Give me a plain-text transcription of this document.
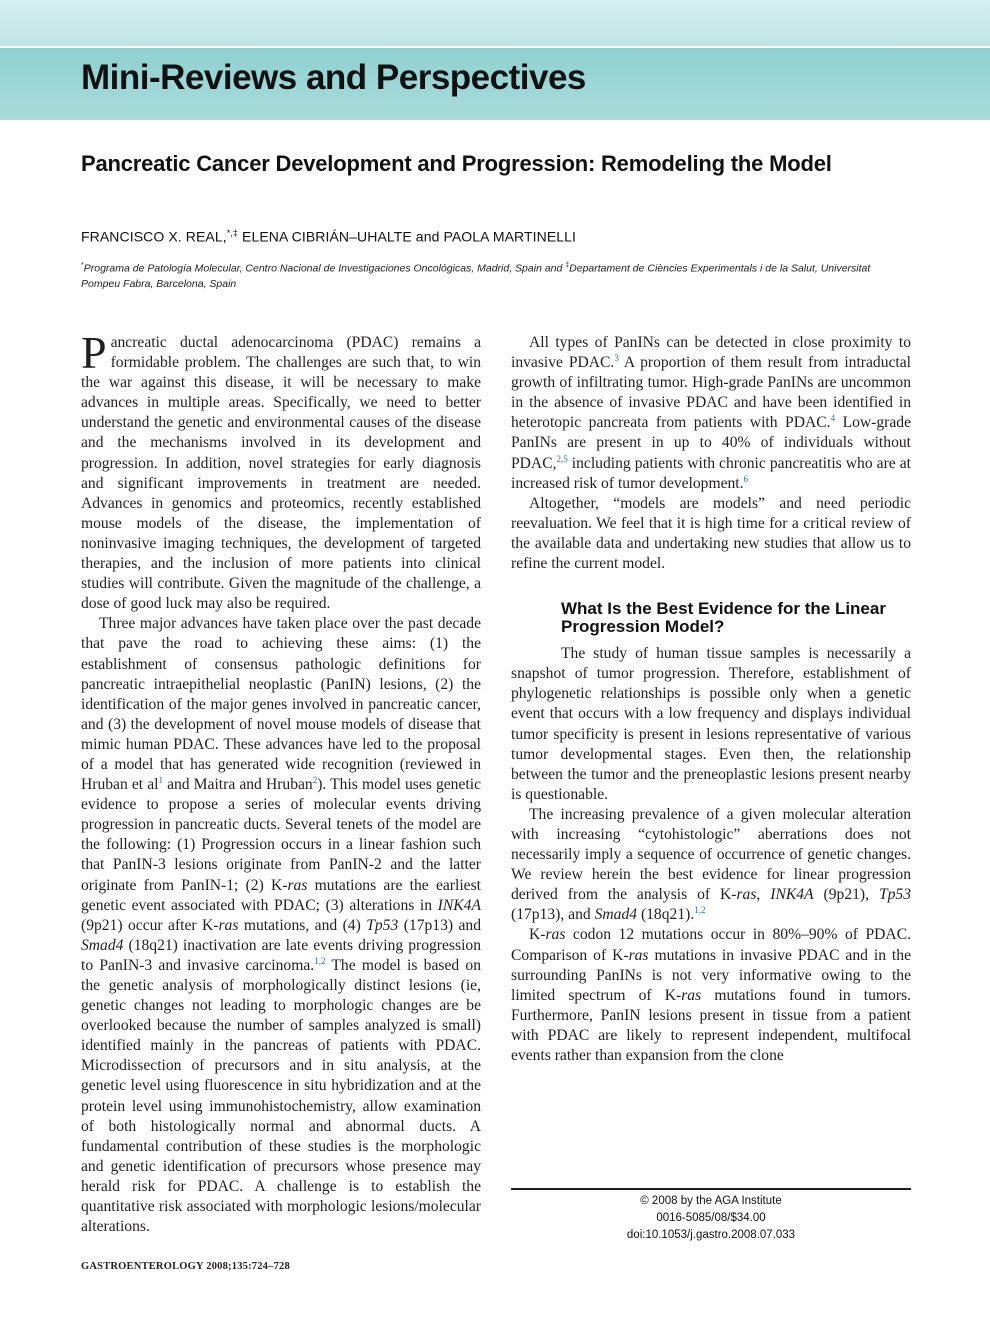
Mini-Reviews and Perspectives
Pancreatic Cancer Development and Progression: Remodeling the Model
FRANCISCO X. REAL,*,‡ ELENA CIBRIÁN–UHALTE and PAOLA MARTINELLI
*Programa de Patología Molecular, Centro Nacional de Investigaciones Oncológicas, Madrid, Spain and ‡Departament de Ciències Experimentals i de la Salut, Universitat Pompeu Fabra, Barcelona, Spain

Pancreatic ductal adenocarcinoma (PDAC) remains a formidable problem. The challenges are such that, to win the war against this disease, it will be necessary to make advances in multiple areas. Specifically, we need to better understand the genetic and environmental causes of the disease and the mechanisms involved in its development and progression. In addition, novel strategies for early diagnosis and significant improvements in treatment are needed. Advances in genomics and proteomics, recently established mouse models of the disease, the implementation of noninvasive imaging techniques, the development of targeted therapies, and the inclusion of more patients into clinical studies will contribute. Given the magnitude of the challenge, a dose of good luck may also be required.

Three major advances have taken place over the past decade that pave the road to achieving these aims: (1) the establishment of consensus pathologic definitions for pancreatic intraepithelial neoplastic (PanIN) lesions, (2) the identification of the major genes involved in pancreatic cancer, and (3) the development of novel mouse models of disease that mimic human PDAC. These advances have led to the proposal of a model that has generated wide recognition (reviewed in Hruban et $al^1$ and Maitra and Hruban$^2$). This model uses genetic evidence to propose a series of molecular events driving progression in pancreatic ducts. Several tenets of the model are the following: (1) Progression occurs in a linear fashion such that PanIN-3 lesions originate from PanIN-2 and the latter originate from PanIN-1; (2) K-ras mutations are the earliest genetic event associated with PDAC; (3) alterations in INK4A (9p21) occur after K-ras mutations, and (4) Tp53 (17p13) and Smad4 (18q21) inactivation are late events driving progression to PanIN-3 and invasive carcinoma.$^{1,2}$ The model is based on the genetic analysis of morphologically distinct lesions (ie, genetic changes not leading to morphologic changes are be overlooked because the number of samples analyzed is small) identified mainly in the pancreas of patients with PDAC. Microdissection of precursors and in situ analysis, at the genetic level using fluorescence in situ hybridization and at the protein level using immunohistochemistry, allow examination of both histologically normal and abnormal ducts. A fundamental contribution of these studies is the morphologic and genetic identification of precursors whose presence may herald risk for PDAC. A challenge is to establish the quantitative risk associated with morphologic lesions/molecular alterations.

All types of PanINs can be detected in close proximity to invasive PDAC.$^3$ A proportion of them result from intraductal growth of infiltrating tumor. High-grade PanINs are uncommon in the absence of invasive PDAC and have been identified in heterotopic pancreata from patients with PDAC.$^4$ Low-grade PanINs are present in up to 40% of individuals without PDAC,$^{2,5}$ including patients with chronic pancreatitis who are at increased risk of tumor development.$^6$

Altogether, “models are models” and need periodic reevaluation. We feel that it is high time for a critical review of the available data and undertaking new studies that allow us to refine the current model.

What Is the Best Evidence for the Linear Progression Model?

The study of human tissue samples is necessarily a snapshot of tumor progression. Therefore, establishment of phylogenetic relationships is possible only when a genetic event that occurs with a low frequency and displays individual tumor specificity is present in lesions representative of various tumor developmental stages. Even then, the relationship between the tumor and the preneoplastic lesions present nearby is questionable.

The increasing prevalence of a given molecular alteration with increasing “cytohistologic” aberrations does not necessarily imply a sequence of occurrence of genetic changes. We review herein the best evidence for linear progression derived from the analysis of K-ras, INK4A (9p21), Tp53 (17p13), and Smad4 (18q21).$^{1,2}$

K-ras codon 12 mutations occur in 80%–90% of PDAC. Comparison of K-ras mutations in invasive PDAC and in the surrounding PanINs is not very informative owing to the limited spectrum of K-ras mutations found in tumors. Furthermore, PanIN lesions present in tissue from a patient with PDAC are likely to represent independent, multifocal events rather than expansion from the clone

© 2008 by the AGA Institute
0016-5085/08/$34.00
doi:10.1053/j.gastro.2008.07.033
GASTROENTEROLOGY 2008;135:724–728
